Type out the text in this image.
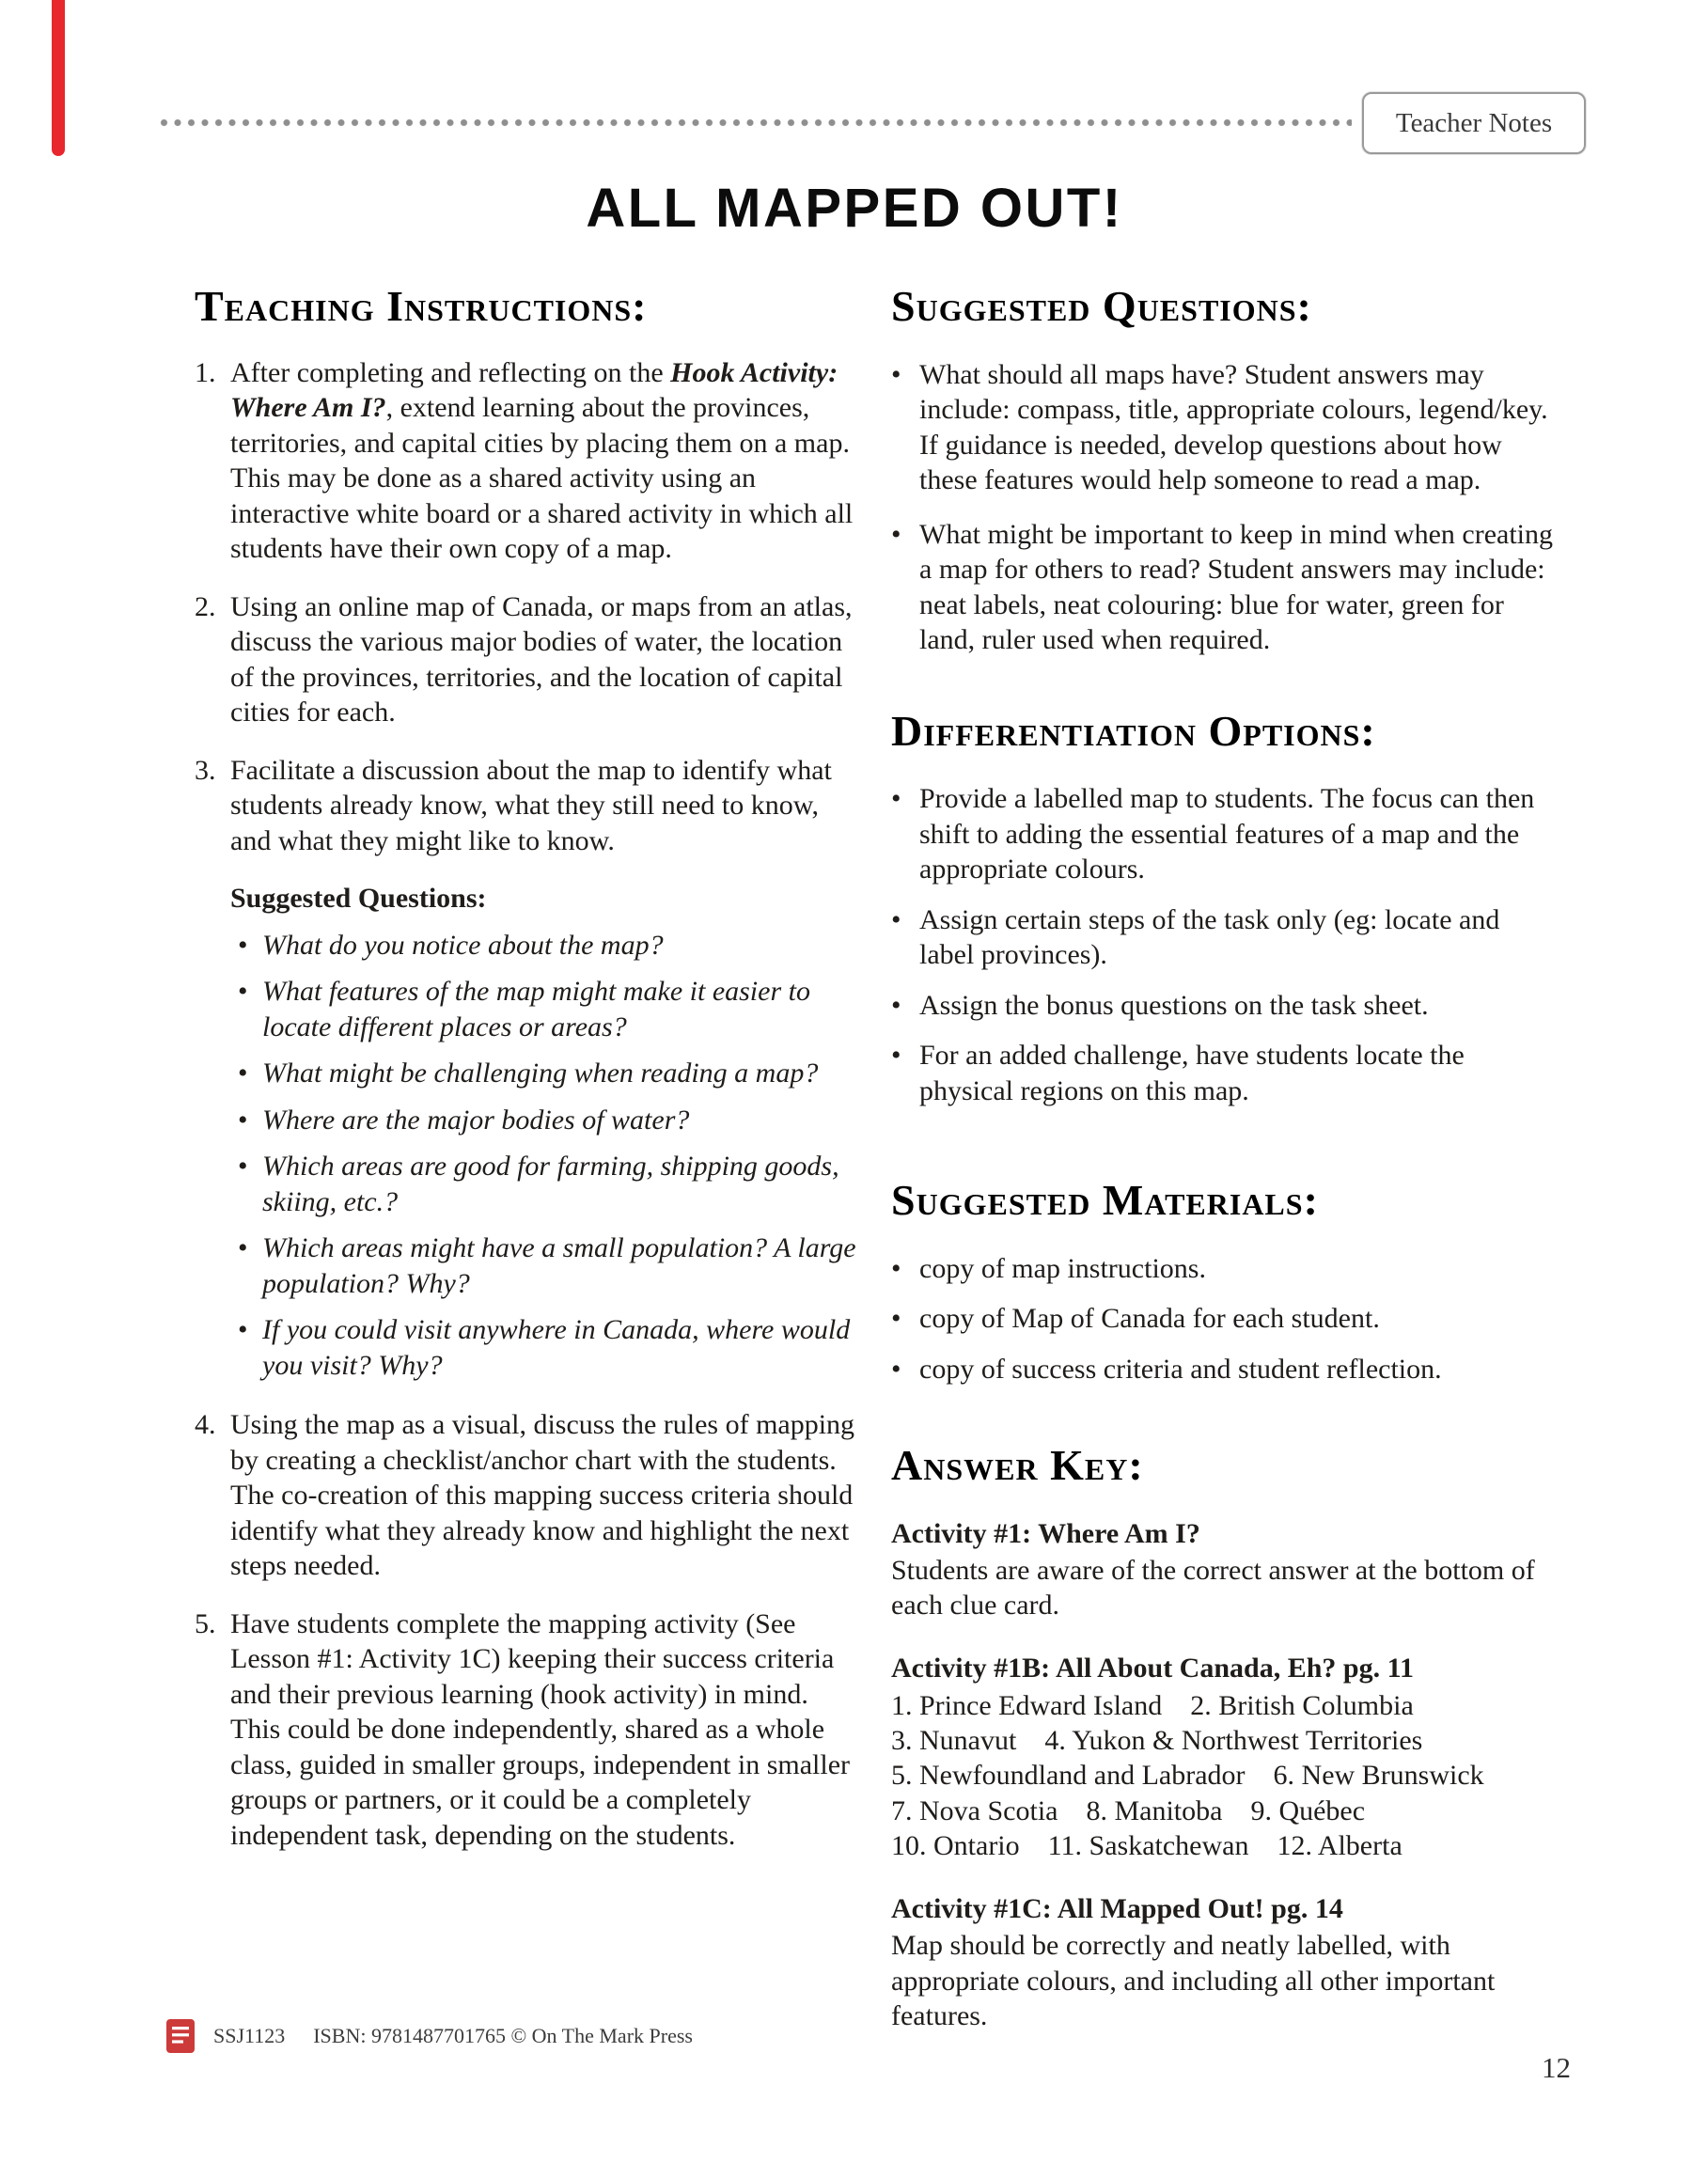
Teacher Notes
ALL MAPPED OUT!
Teaching Instructions:
1. After completing and reflecting on the Hook Activity: Where Am I?, extend learning about the provinces, territories, and capital cities by placing them on a map. This may be done as a shared activity using an interactive white board or a shared activity in which all students have their own copy of a map.
2. Using an online map of Canada, or maps from an atlas, discuss the various major bodies of water, the location of the provinces, territories, and the location of capital cities for each.
3. Facilitate a discussion about the map to identify what students already know, what they still need to know, and what they might like to know.
Suggested Questions:
• What do you notice about the map?
• What features of the map might make it easier to locate different places or areas?
• What might be challenging when reading a map?
• Where are the major bodies of water?
• Which areas are good for farming, shipping goods, skiing, etc.?
• Which areas might have a small population? A large population? Why?
• If you could visit anywhere in Canada, where would you visit? Why?
4. Using the map as a visual, discuss the rules of mapping by creating a checklist/anchor chart with the students. The co-creation of this mapping success criteria should identify what they already know and highlight the next steps needed.
5. Have students complete the mapping activity (See Lesson #1: Activity 1C) keeping their success criteria and their previous learning (hook activity) in mind. This could be done independently, shared as a whole class, guided in smaller groups, independent in smaller groups or partners, or it could be a completely independent task, depending on the students.
Suggested Questions:
• What should all maps have? Student answers may include: compass, title, appropriate colours, legend/key. If guidance is needed, develop questions about how these features would help someone to read a map.
• What might be important to keep in mind when creating a map for others to read? Student answers may include: neat labels, neat colouring: blue for water, green for land, ruler used when required.
Differentiation Options:
• Provide a labelled map to students. The focus can then shift to adding the essential features of a map and the appropriate colours.
• Assign certain steps of the task only (eg: locate and label provinces).
• Assign the bonus questions on the task sheet.
• For an added challenge, have students locate the physical regions on this map.
Suggested Materials:
• copy of map instructions.
• copy of Map of Canada for each student.
• copy of success criteria and student reflection.
Answer Key:
Activity #1: Where Am I?
Students are aware of the correct answer at the bottom of each clue card.
Activity #1B: All About Canada, Eh? pg. 11
1. Prince Edward Island 2. British Columbia
3. Nunavut 4. Yukon & Northwest Territories
5. Newfoundland and Labrador 6. New Brunswick
7. Nova Scotia 8. Manitoba 9. Québec
10. Ontario 11. Saskatchewan 12. Alberta
Activity #1C: All Mapped Out! pg. 14
Map should be correctly and neatly labelled, with appropriate colours, and including all other important features.
SSJ1123 ISBN: 9781487701765 © On The Mark Press
12
